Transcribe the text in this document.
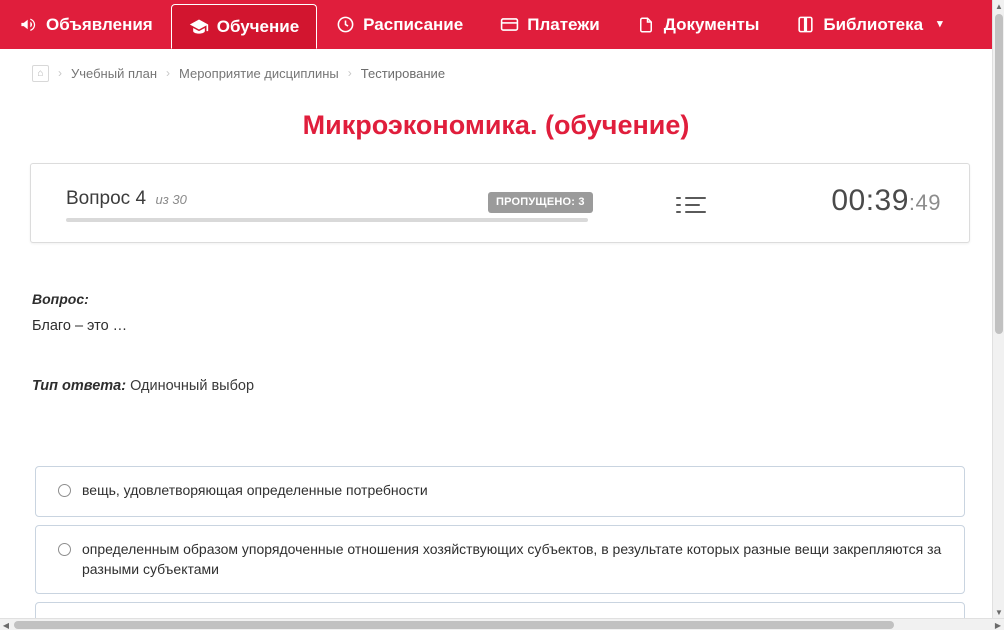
Объявления	Обучение	Расписание	Платежи	Документы	Библиотека ▾
⌂	› Учебный план › Мероприятие дисциплины › Тестирование
Микроэкономика. (обучение)
Вопрос 4 из 30	ПРОПУЩЕНО: 3	00:39:49
Вопрос:
Благо – это …
Тип ответа: Одиночный выбор
вещь, удовлетворяющая определенные потребности
определенным образом упорядоченные отношения хозяйствующих субъектов, в результате которых разные вещи закрепляются за разными субъектами
▲
▼
◀	▶
